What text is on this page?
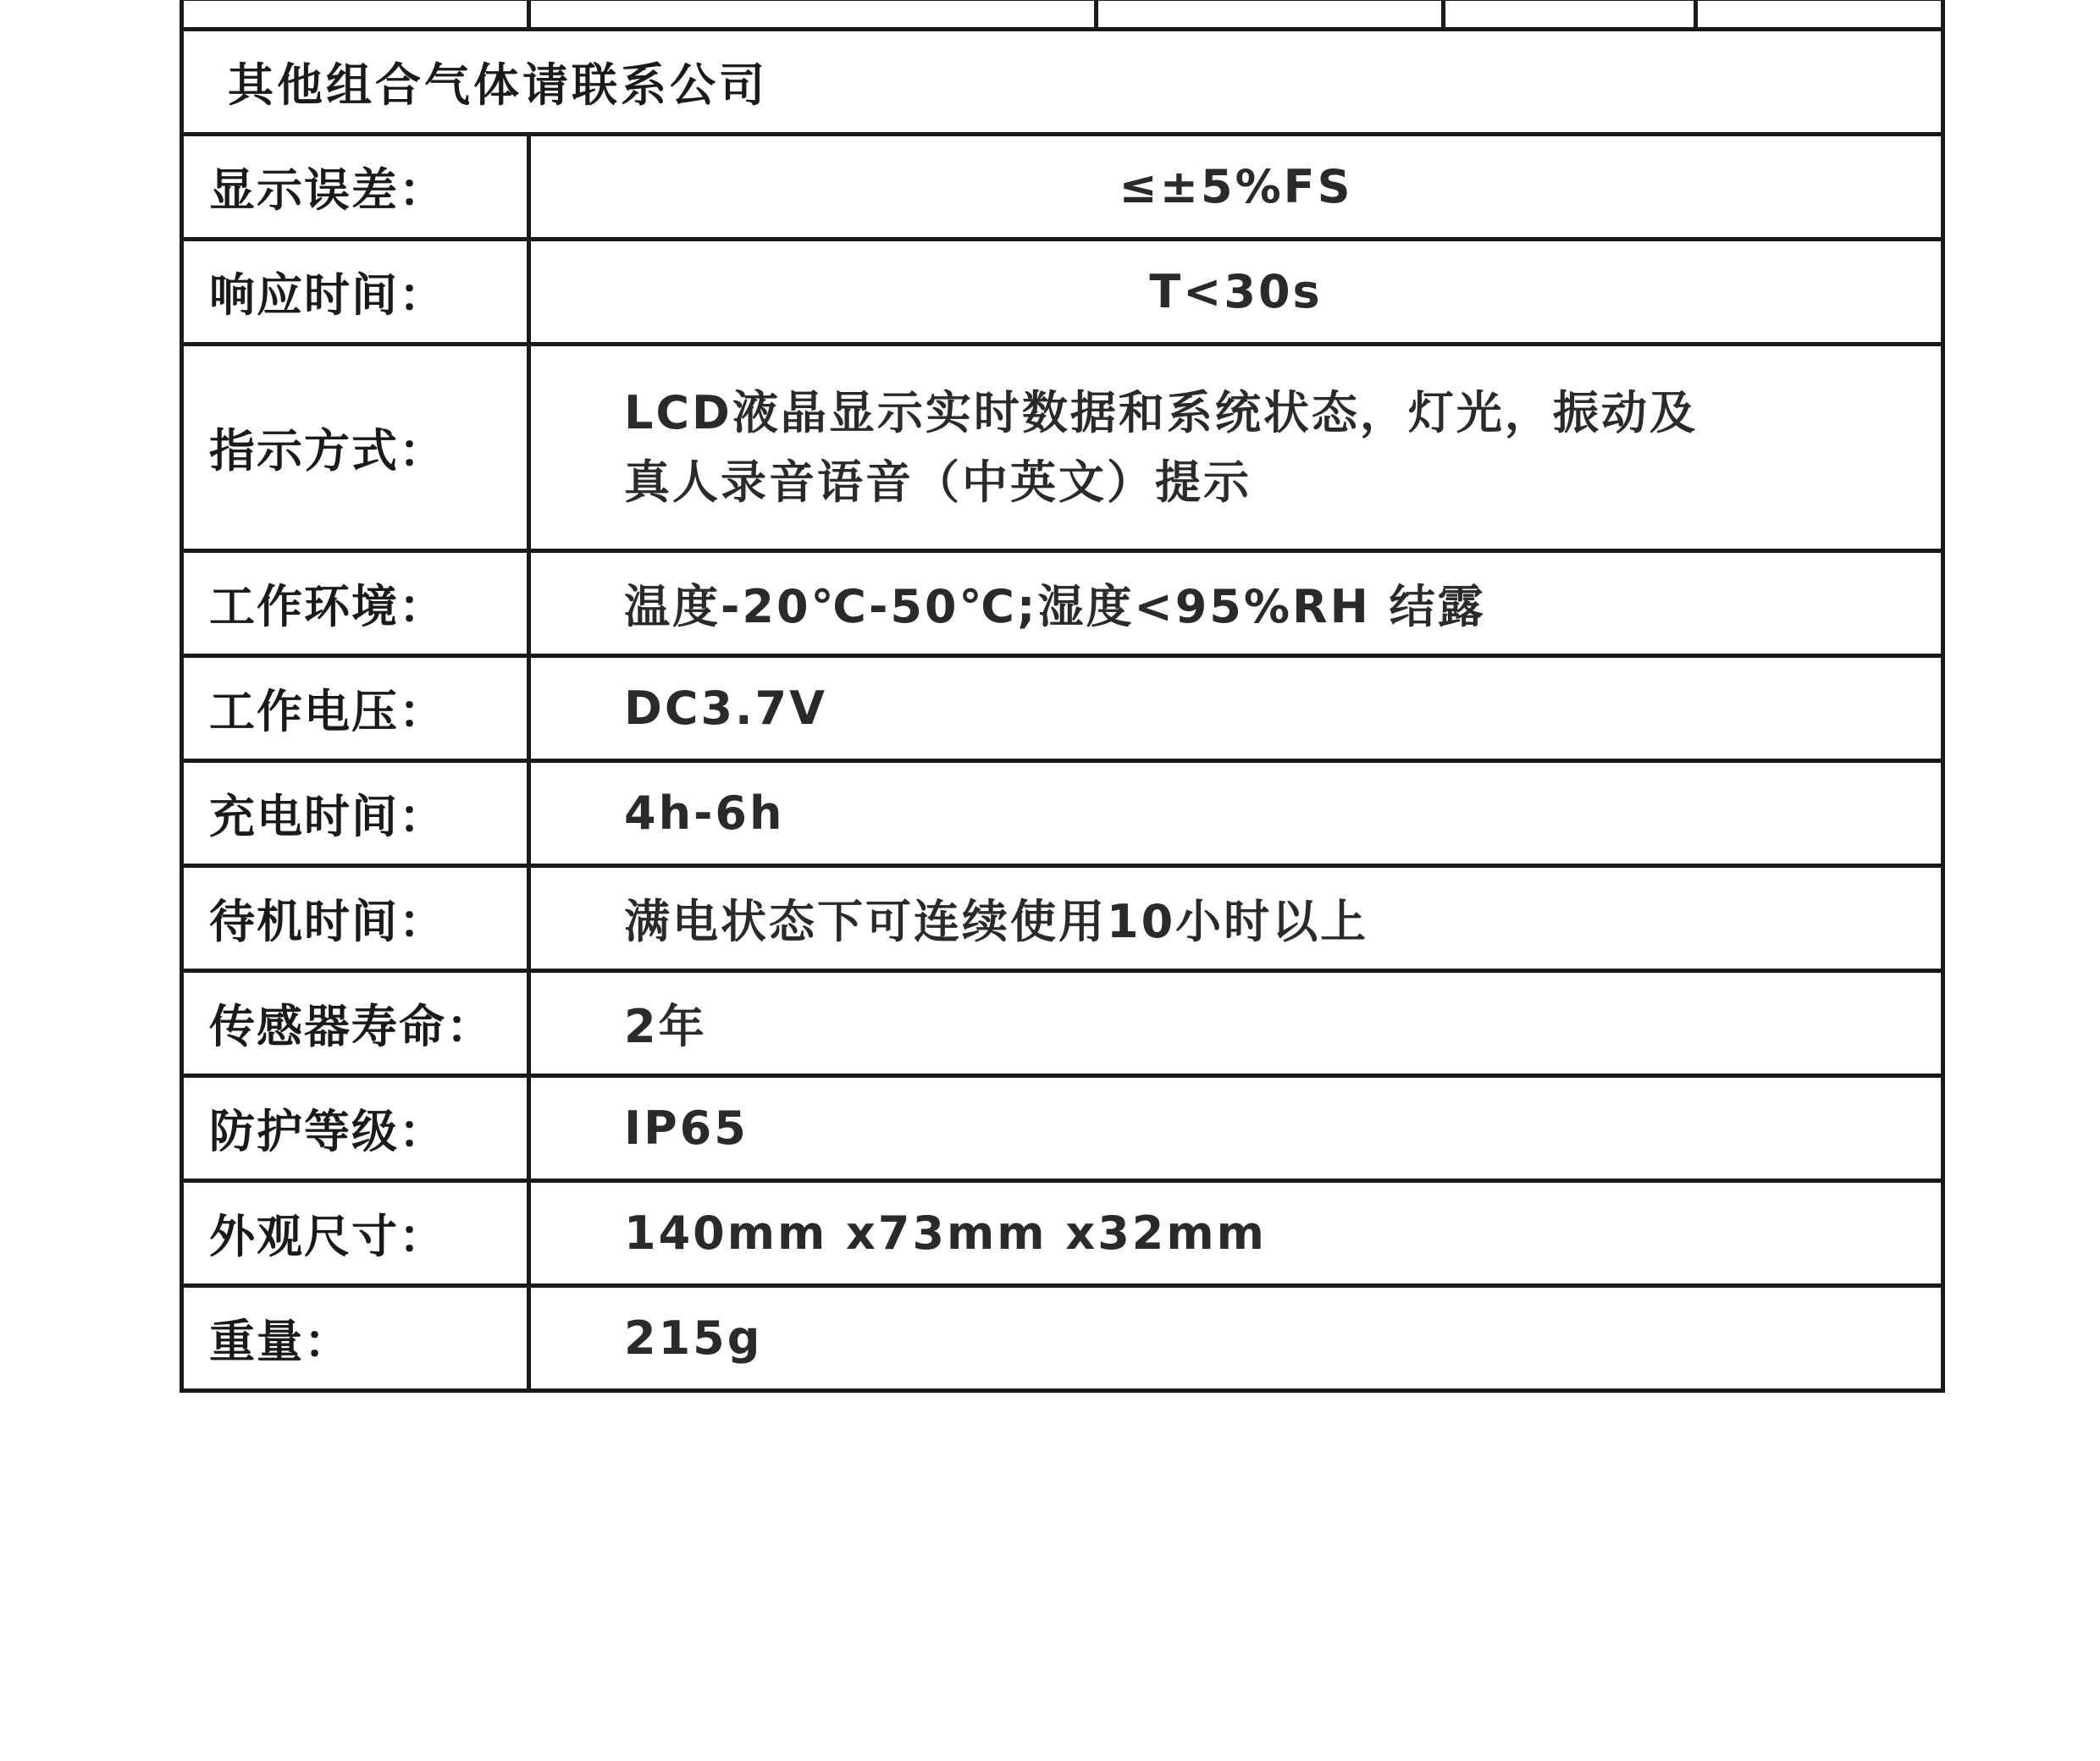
其他组合气体请联系公司				
显示误差：	≤±5%FS			
响应时间：	T<30s			
指示方式：	LCD液晶显示实时数据和系统状态，灯光，振动及
真人录音语音（中英文）提示			

工作环境：	温度-20℃-50℃;湿度<95%RH 结露			
工作电压：	DC3.7V			
充电时间：	4h-6h			
待机时间：	满电状态下可连续使用10小时以上			
传感器寿命：	2年			
防护等级：	IP65			
外观尺寸：	140mm x73mm x32mm			
重量：	215g			
